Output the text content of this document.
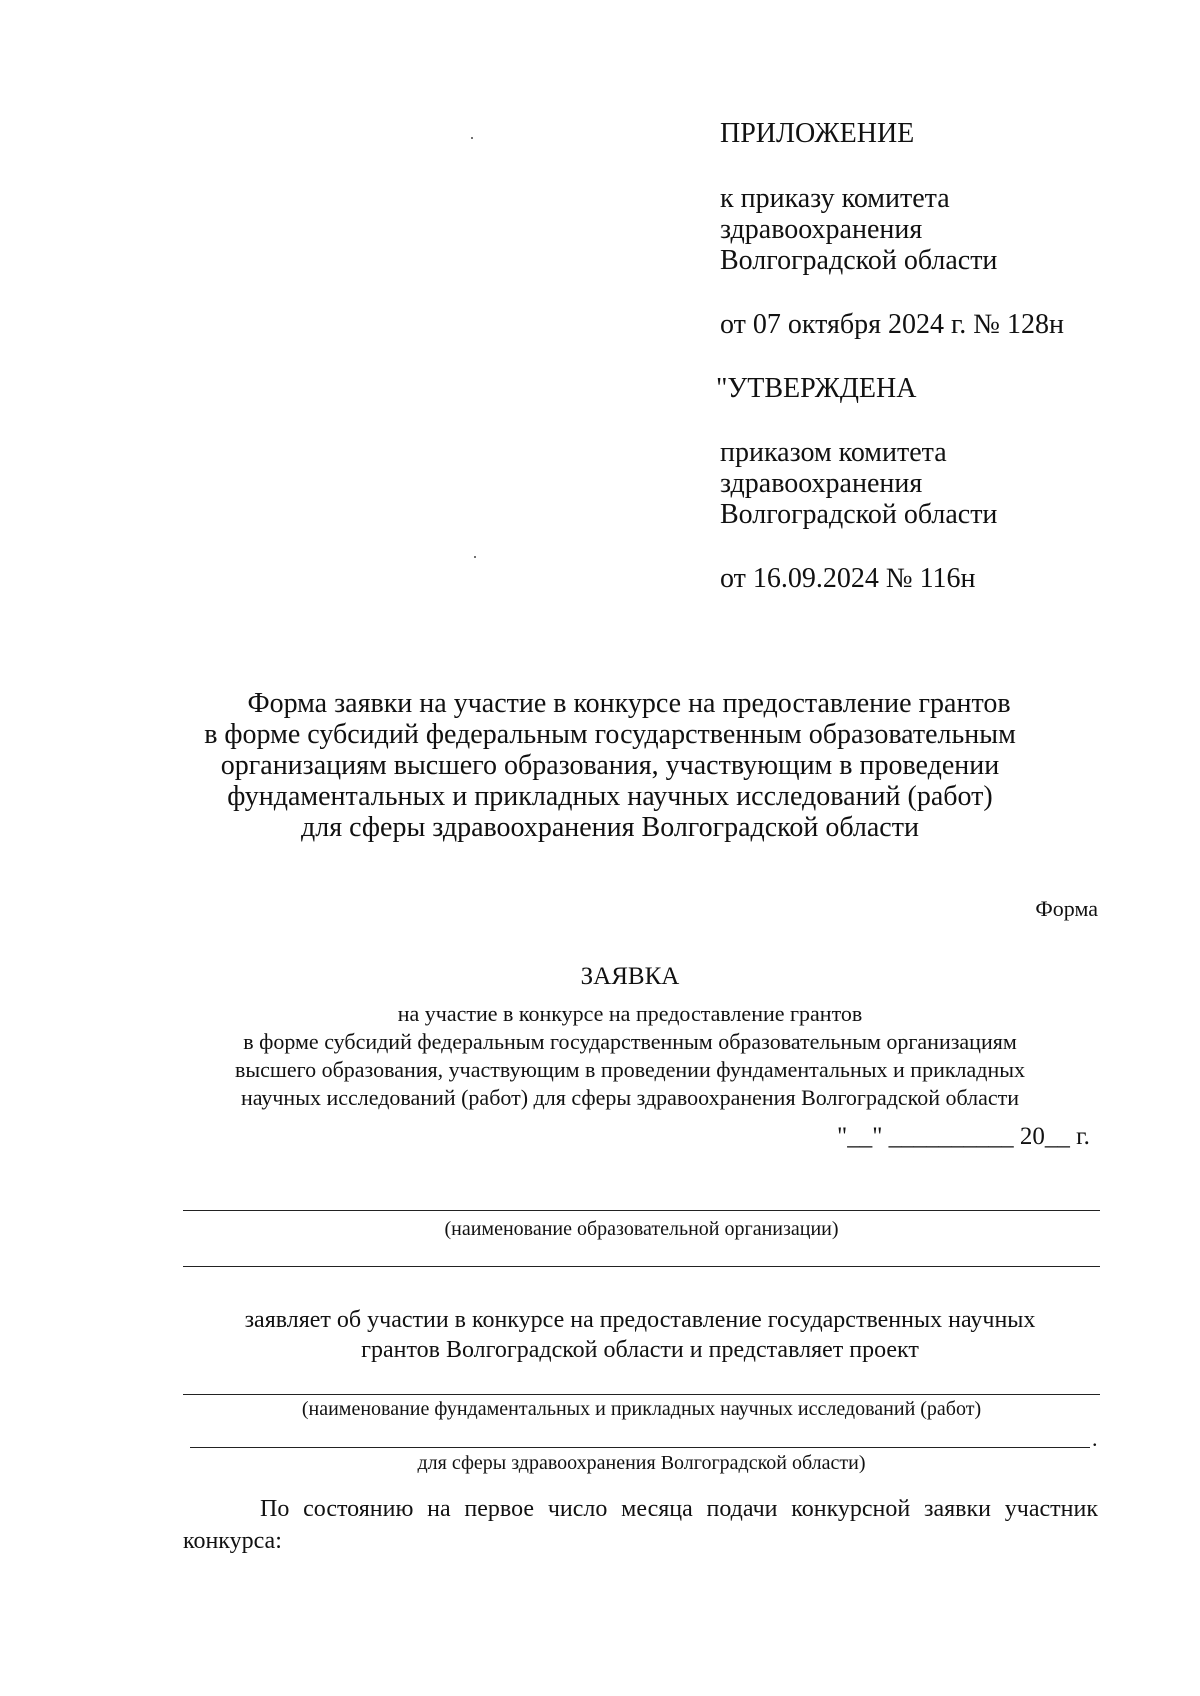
ПРИЛОЖЕНИЕ
к приказу комитета
здравоохранения
Волгоградской области
от 07 октября 2024 г. № 128н
"УТВЕРЖДЕНА
приказом комитета
здравоохранения
Волгоградской области
от 16.09.2024 № 116н
Форма заявки на участие в конкурсе на предоставление грантов
в форме субсидий федеральным государственным образовательным
организациям высшего образования, участвующим в проведении
фундаментальных и прикладных научных исследований (работ)
для сферы здравоохранения Волгоградской области
Форма
ЗАЯВКА
на участие в конкурсе на предоставление грантов
в форме субсидий федеральным государственным образовательным организациям
высшего образования, участвующим в проведении фундаментальных и прикладных
научных исследований (работ) для сферы здравоохранения Волгоградской области
"__" __________ 20__ г.
(наименование образовательной организации)
заявляет об участии в конкурсе на предоставление государственных научных
грантов Волгоградской области и представляет проект
(наименование фундаментальных и прикладных научных исследований (работ)
.
для сферы здравоохранения Волгоградской области)
По состоянию на первое число месяца подачи конкурсной заявки участник
конкурса:
